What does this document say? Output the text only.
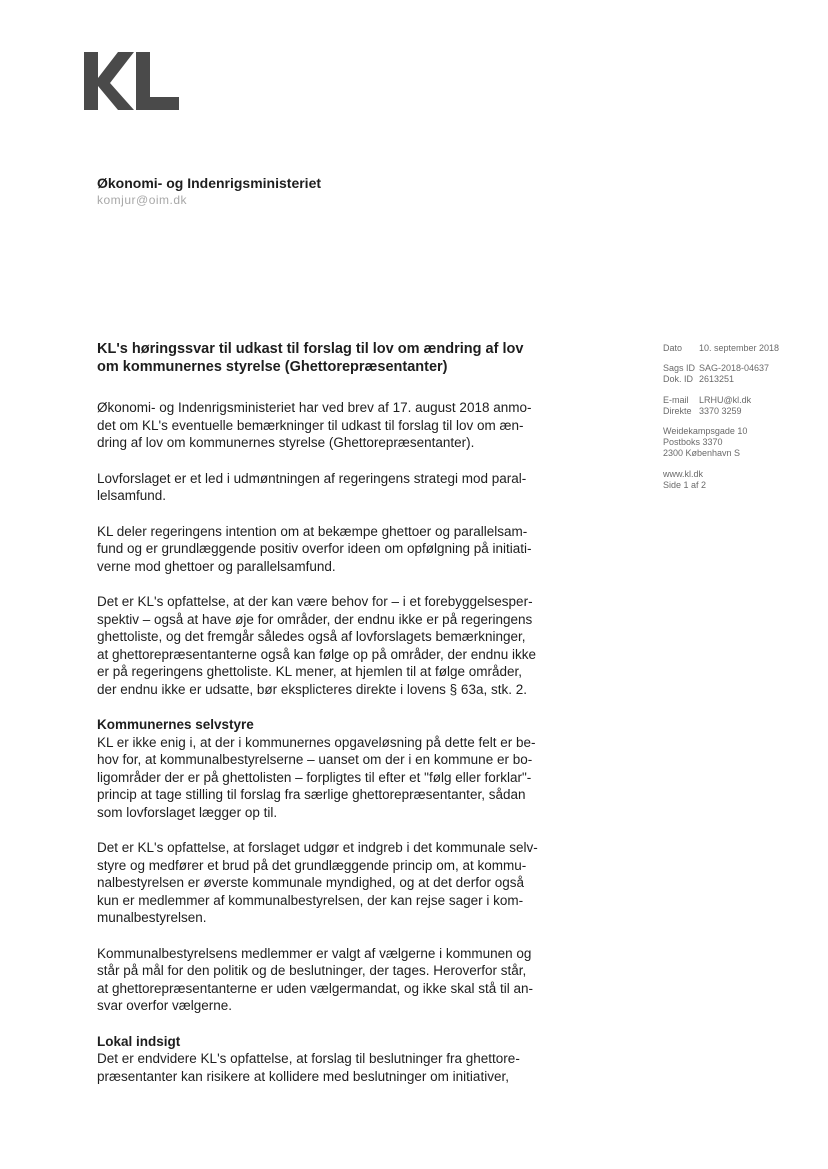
Økonomi- og Indenrigsministeriet
komjur@oim.dk
KL's høringssvar til udkast til forslag til lov om ændring af lov
om kommunernes styrelse (Ghettorepræsentanter)
Økonomi- og Indenrigsministeriet har ved brev af 17. august 2018 anmo-
det om KL's eventuelle bemærkninger til udkast til forslag til lov om æn-
dring af lov om kommunernes styrelse (Ghettorepræsentanter).
Lovforslaget er et led i udmøntningen af regeringens strategi mod paral-
lelsamfund.
KL deler regeringens intention om at bekæmpe ghettoer og parallelsam-
fund og er grundlæggende positiv overfor ideen om opfølgning på initiati-
verne mod ghettoer og parallelsamfund.
Det er KL's opfattelse, at der kan være behov for – i et forebyggelsesper-
spektiv – også at have øje for områder, der endnu ikke er på regeringens
ghettoliste, og det fremgår således også af lovforslagets bemærkninger,
at ghettorepræsentanterne også kan følge op på områder, der endnu ikke
er på regeringens ghettoliste. KL mener, at hjemlen til at følge områder,
der endnu ikke er udsatte, bør eksplicteres direkte i lovens § 63a, stk. 2.
Kommunernes selvstyre
KL er ikke enig i, at der i kommunernes opgaveløsning på dette felt er be-
hov for, at kommunalbestyrelserne – uanset om der i en kommune er bo-
ligområder der er på ghettolisten – forpligtes til efter et "følg eller forklar"-
princip at tage stilling til forslag fra særlige ghettorepræsentanter, sådan
som lovforslaget lægger op til.
Det er KL's opfattelse, at forslaget udgør et indgreb i det kommunale selv-
styre og medfører et brud på det grundlæggende princip om, at kommu-
nalbestyrelsen er øverste kommunale myndighed, og at det derfor også
kun er medlemmer af kommunalbestyrelsen, der kan rejse sager i kom-
munalbestyrelsen.
Kommunalbestyrelsens medlemmer er valgt af vælgerne i kommunen og
står på mål for den politik og de beslutninger, der tages. Heroverfor står,
at ghettorepræsentanterne er uden vælgermandat, og ikke skal stå til an-
svar overfor vælgerne.
Lokal indsigt
Det er endvidere KL's opfattelse, at forslag til beslutninger fra ghettore-
præsentanter kan risikere at kollidere med beslutninger om initiativer,
Dato 10. september 2018
Sags ID SAG-2018-04637
Dok. ID 2613251
E-mail LRHU@kl.dk
Direkte 3370 3259
Weidekampsgade 10
Postboks 3370
2300 København S
www.kl.dk
Side 1 af 2
